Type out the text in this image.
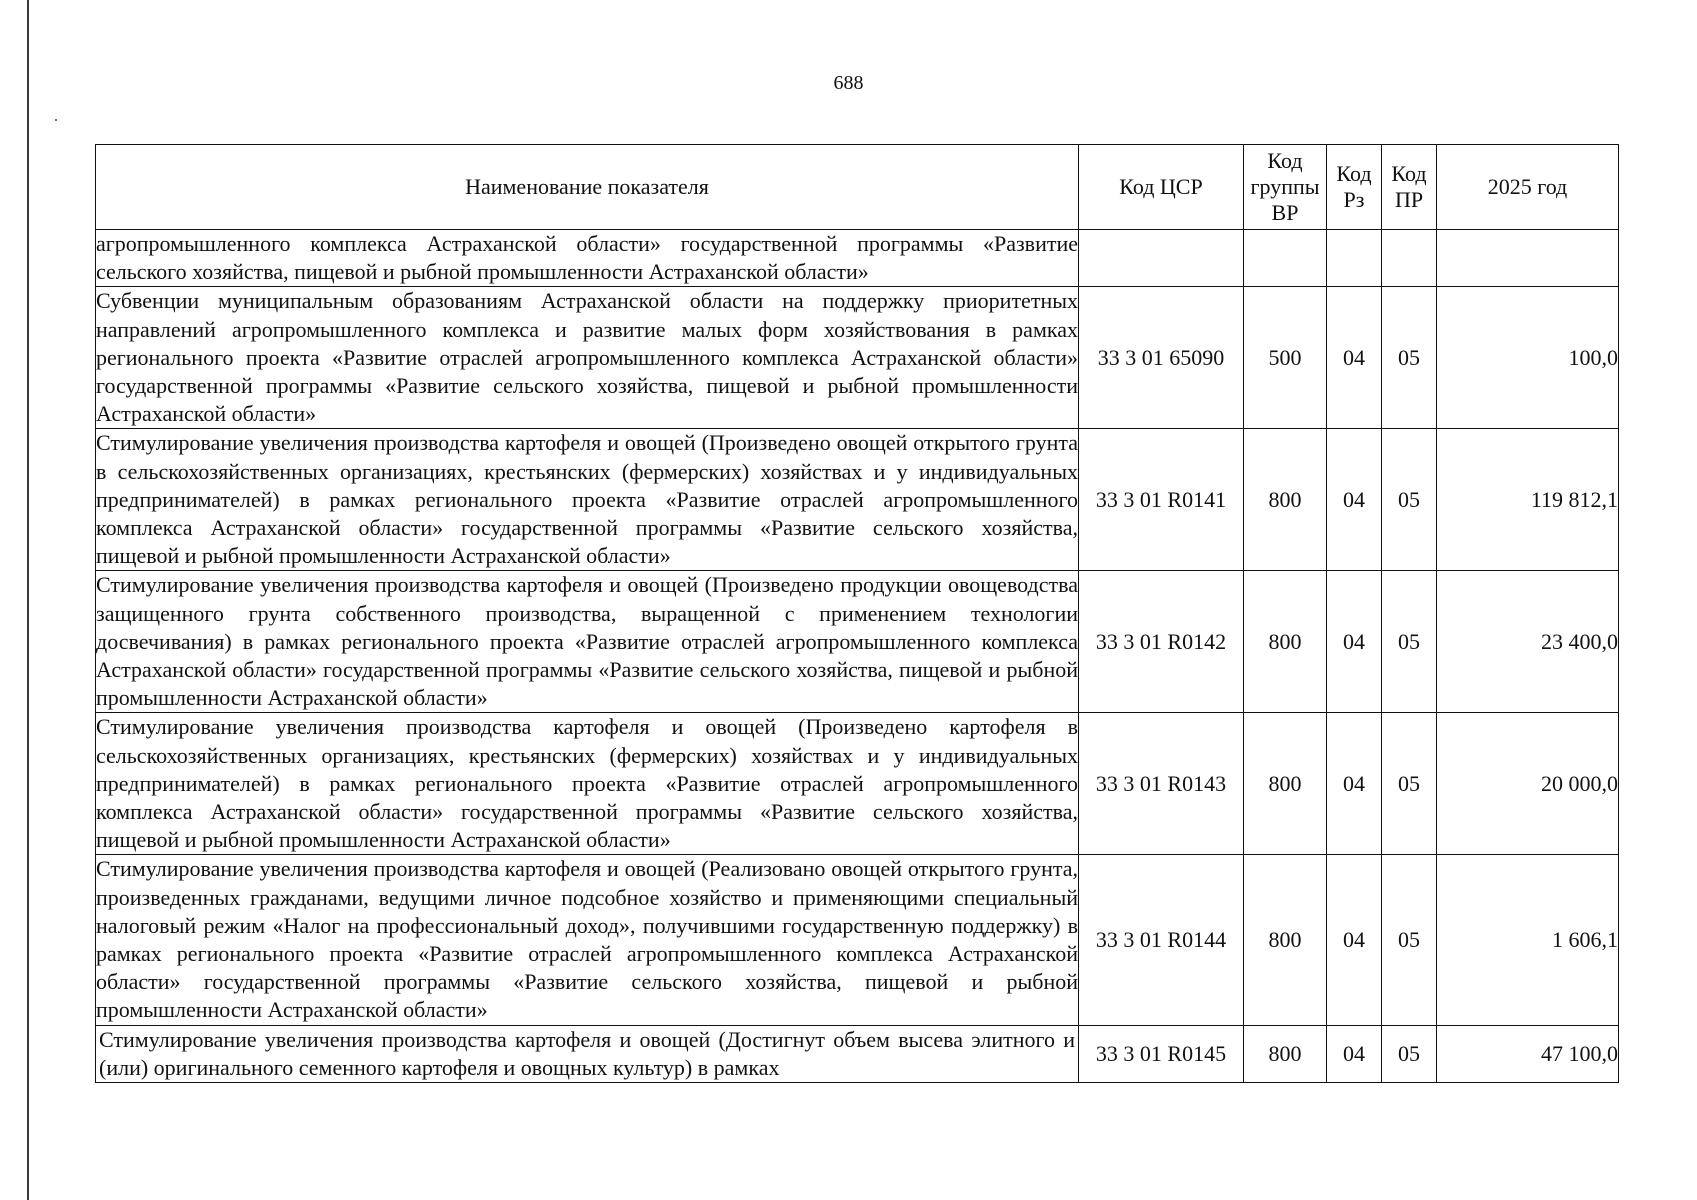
688
Наименование показателя	Код ЦСР	Код группы ВР	Код Рз	Код ПР	2025 год
агропромышленного комплекса Астраханской области» государственной программы «Развитие сельского хозяйства, пищевой и рыбной промышленности Астраханской области»					
Субвенции муниципальным образованиям Астраханской области на поддержку приоритетных направлений агропромышленного комплекса и развитие малых форм хозяйствования в рамках регионального проекта «Развитие отраслей агропромышленного комплекса Астраханской области» государственной программы «Развитие сельского хозяйства, пищевой и рыбной промышленности Астраханской области»	33 3 01 65090	500	04	05	100,0
Стимулирование увеличения производства картофеля и овощей (Произведено овощей открытого грунта в сельскохозяйственных организациях, крестьянских (фермерских) хозяйствах и у индивидуальных предпринимателей) в рамках регионального проекта «Развитие отраслей агропромышленного комплекса Астраханской области» государственной программы «Развитие сельского хозяйства, пищевой и рыбной промышленности Астраханской области»	33 3 01 R0141	800	04	05	119 812,1
Стимулирование увеличения производства картофеля и овощей (Произведено продукции овощеводства защищенного грунта собственного производства, выращенной с применением технологии досвечивания) в рамках регионального проекта «Развитие отраслей агропромышленного комплекса Астраханской области» государственной программы «Развитие сельского хозяйства, пищевой и рыбной промышленности Астраханской области»	33 3 01 R0142	800	04	05	23 400,0
Стимулирование увеличения производства картофеля и овощей (Произведено картофеля в сельскохозяйственных организациях, крестьянских (фермерских) хозяйствах и у индивидуальных предпринимателей) в рамках регионального проекта «Развитие отраслей агропромышленного комплекса Астраханской области» государственной программы «Развитие сельского хозяйства, пищевой и рыбной промышленности Астраханской области»	33 3 01 R0143	800	04	05	20 000,0
Стимулирование увеличения производства картофеля и овощей (Реализовано овощей открытого грунта, произведенных гражданами, ведущими личное подсобное хозяйство и применяющими специальный налоговый режим «Налог на профессиональный доход», получившими государственную поддержку) в рамках регионального проекта «Развитие отраслей агропромышленного комплекса Астраханской области» государственной программы «Развитие сельского хозяйства, пищевой и рыбной промышленности Астраханской области»	33 3 01 R0144	800	04	05	1 606,1

Стимулирование увеличения производства картофеля и овощей (Достигнут объем высева элитного и (или) оригинального семенного картофеля и овощных культур) в рамках	33 3 01 R0145	800	04	05	47 100,0
